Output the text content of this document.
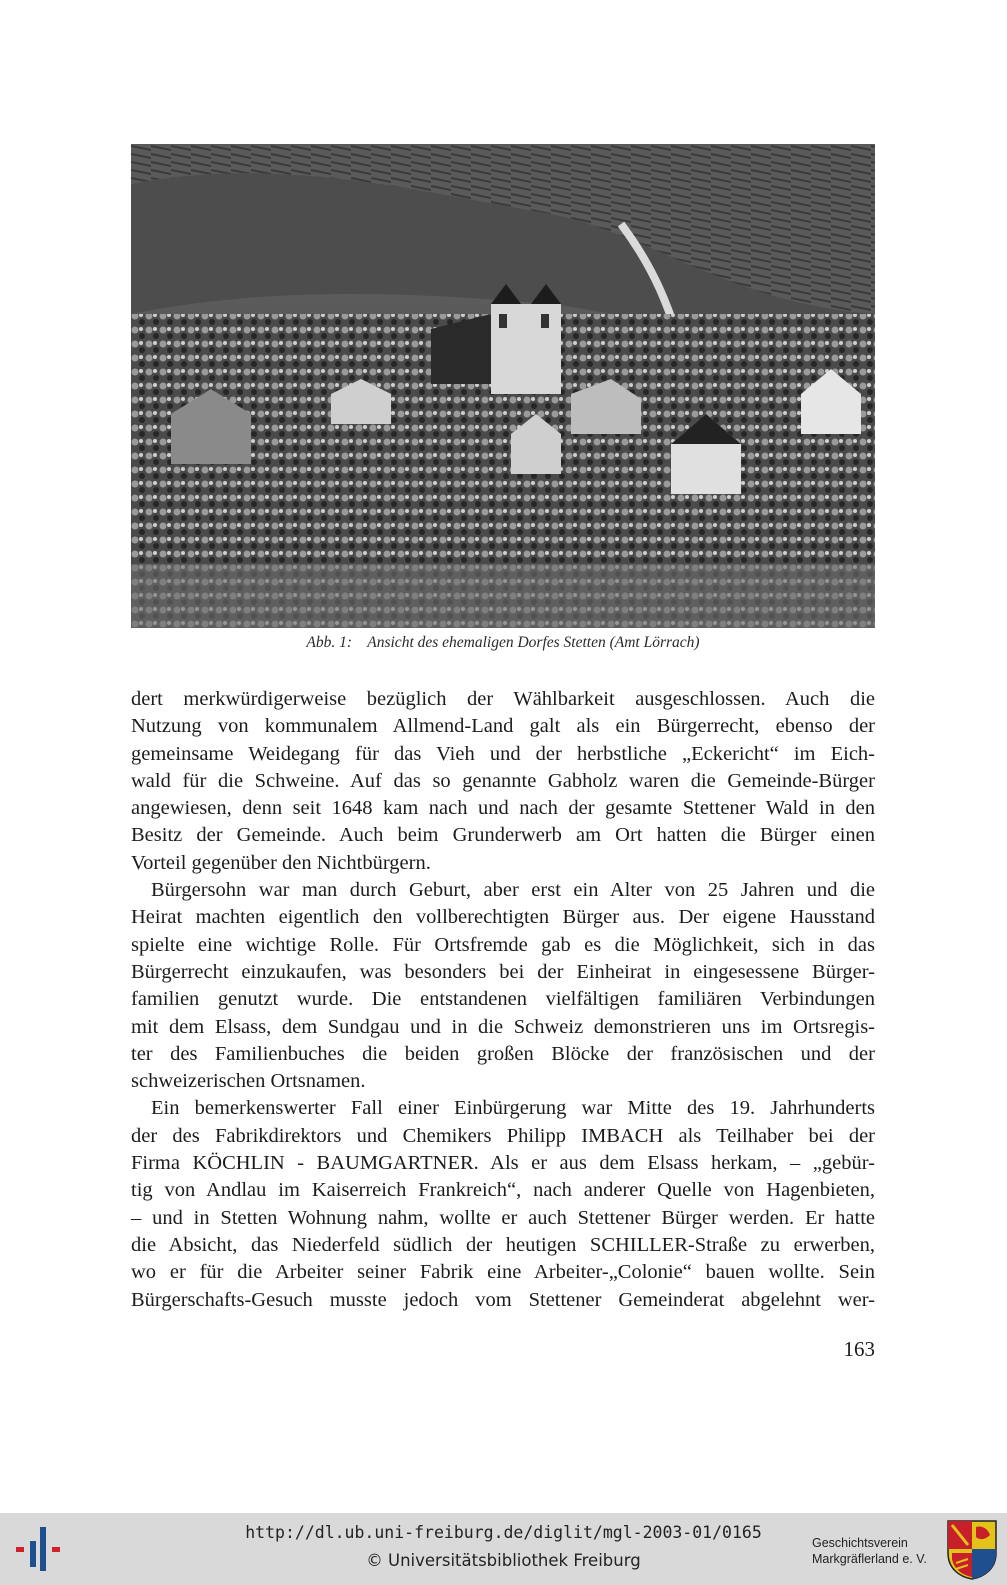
Abb. 1:    Ansicht des ehemaligen Dorfes Stetten (Amt Lörrach)
dert merkwürdigerweise bezüglich der Wählbarkeit ausgeschlossen. Auch die
Nutzung von kommunalem Allmend-Land galt als ein Bürgerrecht, ebenso der
gemeinsame Weidegang für das Vieh und der herbstliche „Eckericht“ im Eich-
wald für die Schweine. Auf das so genannte Gabholz waren die Gemeinde-Bürger
angewiesen, denn seit 1648 kam nach und nach der gesamte Stettener Wald in den
Besitz der Gemeinde. Auch beim Grunderwerb am Ort hatten die Bürger einen
Vorteil gegenüber den Nichtbürgern.
Bürgersohn war man durch Geburt, aber erst ein Alter von 25 Jahren und die
Heirat machten eigentlich den vollberechtigten Bürger aus. Der eigene Hausstand
spielte eine wichtige Rolle. Für Ortsfremde gab es die Möglichkeit, sich in das
Bürgerrecht einzukaufen, was besonders bei der Einheirat in eingesessene Bürger-
familien genutzt wurde. Die entstandenen vielfältigen familiären Verbindungen
mit dem Elsass, dem Sundgau und in die Schweiz demonstrieren uns im Ortsregis-
ter des Familienbuches die beiden großen Blöcke der französischen und der
schweizerischen Ortsnamen.
Ein bemerkenswerter Fall einer Einbürgerung war Mitte des 19. Jahrhunderts
der des Fabrikdirektors und Chemikers Philipp IMBACH als Teilhaber bei der
Firma KÖCHLIN - BAUMGARTNER. Als er aus dem Elsass herkam, – „gebür-
tig von Andlau im Kaiserreich Frankreich“, nach anderer Quelle von Hagenbieten,
– und in Stetten Wohnung nahm, wollte er auch Stettener Bürger werden. Er hatte
die Absicht, das Niederfeld südlich der heutigen SCHILLER-Straße zu erwerben,
wo er für die Arbeiter seiner Fabrik eine Arbeiter-„Colonie“ bauen wollte. Sein
Bürgerschafts-Gesuch musste jedoch vom Stettener Gemeinderat abgelehnt wer-
163
http://dl.ub.uni-freiburg.de/diglit/mgl-2003-01/0165
© Universitätsbibliothek Freiburg
Geschichtsverein
Markgräflerland e. V.
